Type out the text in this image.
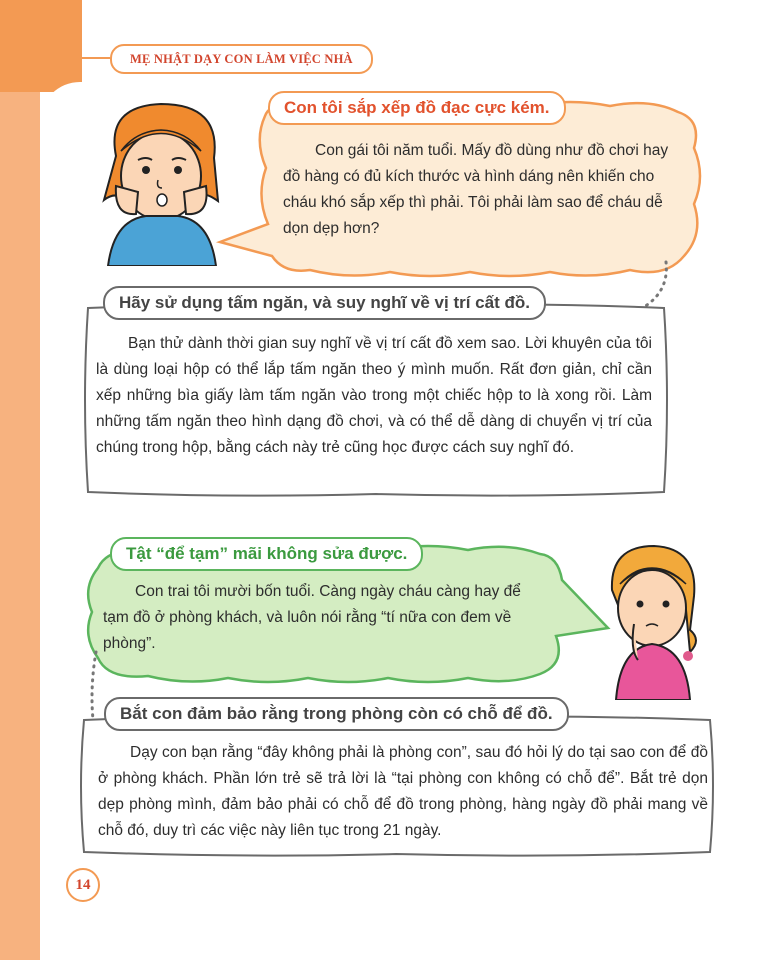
MẸ NHẬT DẠY CON LÀM VIỆC NHÀ
Con tôi sắp xếp đồ đạc cực kém.
Con gái tôi năm tuổi. Mấy đồ dùng như đồ chơi hay đồ hàng có đủ kích thước và hình dáng nên khiến cho cháu khó sắp xếp thì phải. Tôi phải làm sao để cháu dễ dọn dẹp hơn?
Hãy sử dụng tấm ngăn, và suy nghĩ về vị trí cất đồ.
Bạn thử dành thời gian suy nghĩ về vị trí cất đồ xem sao. Lời khuyên của tôi là dùng loại hộp có thể lắp tấm ngăn theo ý mình muốn. Rất đơn giản, chỉ cần xếp những bìa giấy làm tấm ngăn vào trong một chiếc hộp to là xong rồi. Làm những tấm ngăn theo hình dạng đồ chơi, và có thể dễ dàng di chuyển vị trí của chúng trong hộp, bằng cách này trẻ cũng học được cách suy nghĩ đó.
Tật “để tạm” mãi không sửa được.
Con trai tôi mười bốn tuổi. Càng ngày cháu càng hay để tạm đồ ở phòng khách, và luôn nói rằng “tí nữa con đem về phòng”.
Bắt con đảm bảo rằng trong phòng còn có chỗ để đồ.
Dạy con bạn rằng “đây không phải là phòng con”, sau đó hỏi lý do tại sao con để đồ ở phòng khách. Phần lớn trẻ sẽ trả lời là “tại phòng con không có chỗ để”. Bắt trẻ dọn dẹp phòng mình, đảm bảo phải có chỗ để đồ trong phòng, hàng ngày đồ phải mang về chỗ đó, duy trì các việc này liên tục trong 21 ngày.
14
